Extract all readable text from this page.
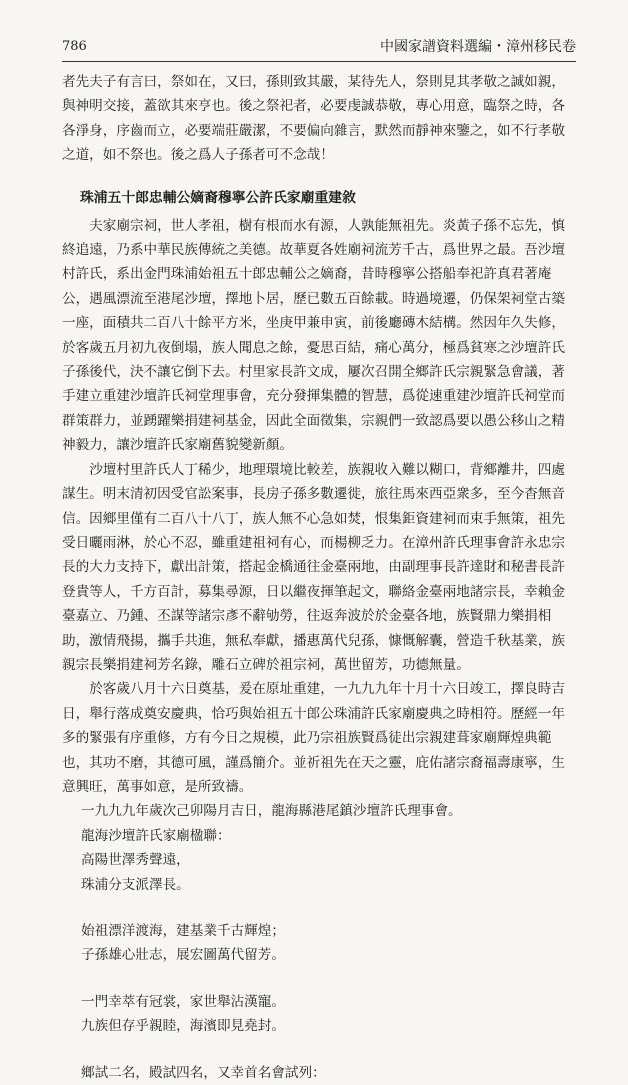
786	中國家譜資料選編・漳州移民卷

者先夫子有言曰，祭如在，又曰，孫則致其嚴，某待先人，祭則見其孝敬之誠如親，與神明交接，蓋欲其來亨也。後之祭祀者，必要虔誠恭敬，專心用意，臨祭之時，各各淨身，序齒而立，必要端莊嚴潔，不要偏向雜言，默然而靜神來鑒之，如不行孝敬之道，如不祭也。後之爲人子孫者可不念哉！

珠浦五十郎忠輔公嫡裔穆寧公許氏家廟重建敘

夫家廟宗祠，世人孝祖，樹有根而水有源，人孰能無祖先。炎黃子孫不忘先，慎終追遠，乃系中華民族傳統之美德。故華夏各姓廟祠流芳千古，爲世界之最。吾沙壇村許氏，系出金門珠浦始祖五十郎忠輔公之嫡裔，昔時穆寧公搭船奉祀許真君著庵公，遇風漂流至港尾沙壇，擇地卜居，歷已數五百餘載。時過境遷，仍保架祠堂古築一座，面積共二百八十餘平方米，坐庚甲兼申寅，前後廳磚木結構。然因年久失修，於客歲五月初九夜倒塌，族人聞息之餘，憂思百結，痛心萬分，極爲貧寒之沙壇許氏子孫後代，決不讓它倒下去。村里家長許文成，屢次召開全鄉許氏宗親緊急會議，著手建立重建沙壇許氏祠堂理事會，充分發揮集體的智慧，爲從速重建沙壇許氏祠堂而群策群力，並踴躍樂捐建祠基金，因此全面徵集，宗親們一致認爲要以愚公移山之精神毅力，讓沙壇許氏家廟舊貌變新顏。

沙壇村里許氏人丁稀少，地理環境比較差，族親收入難以糊口，背鄉離井，四處謀生。明末清初因受官訟案事，長房子孫多數遷徙，旅往馬來西亞衆多，至今杳無音信。因鄉里僅有二百八十八丁，族人無不心急如焚，恨集鉅資建祠而束手無策，祖先受日曬雨淋，於心不忍，雖重建祖祠有心，而楊柳乏力。在漳州許氏理事會許永忠宗長的大力支持下，獻出計策，搭起金橋通往金臺兩地，由副理事長許達財和秘書長許登貴等人，千方百計，募集尋源，日以繼夜揮筆起文，聯絡金臺兩地諸宗長，幸賴金臺嘉立、乃鍾、丕謀等諸宗彥不辭劬勞，往返奔波於於金臺各地，族賢鼎力樂捐相助，激情飛揚，攜手共進，無私奉獻，播惠萬代兒孫，慷慨解囊，營造千秋基業，族親宗長樂捐建祠芳名錄，雕石立碑於祖宗祠，萬世留芳，功德無量。

於客歲八月十六日奠基，爰在原址重建，一九九九年十月十六日竣工，擇良時吉日，舉行落成奠安慶典，恰巧與始祖五十郎公珠浦許氏家廟慶典之時相符。歷經一年多的緊張有序重修，方有今日之規模，此乃宗祖族賢爲徒出宗親建葺家廟輝煌典範也，其功不磨，其德可風，謹爲簡介。並祈祖先在天之靈，庇佑諸宗裔福壽康寧，生意興旺，萬事如意，是所致禱。

一九九九年歲次己卯陽月吉日，龍海縣港尾鎮沙壇許氏理事會。

龍海沙壇許氏家廟楹聯：

高陽世澤秀聲遠，

珠浦分支派澤長。

始祖漂洋渡海，建基業千古輝煌；

子孫雄心壯志，展宏圖萬代留芳。

一門幸萃有冠裳，家世舉沾漢寵。

九族但存乎親睦，海濱即見堯封。

鄉試二名，殿試四名，又幸首名會試列：
